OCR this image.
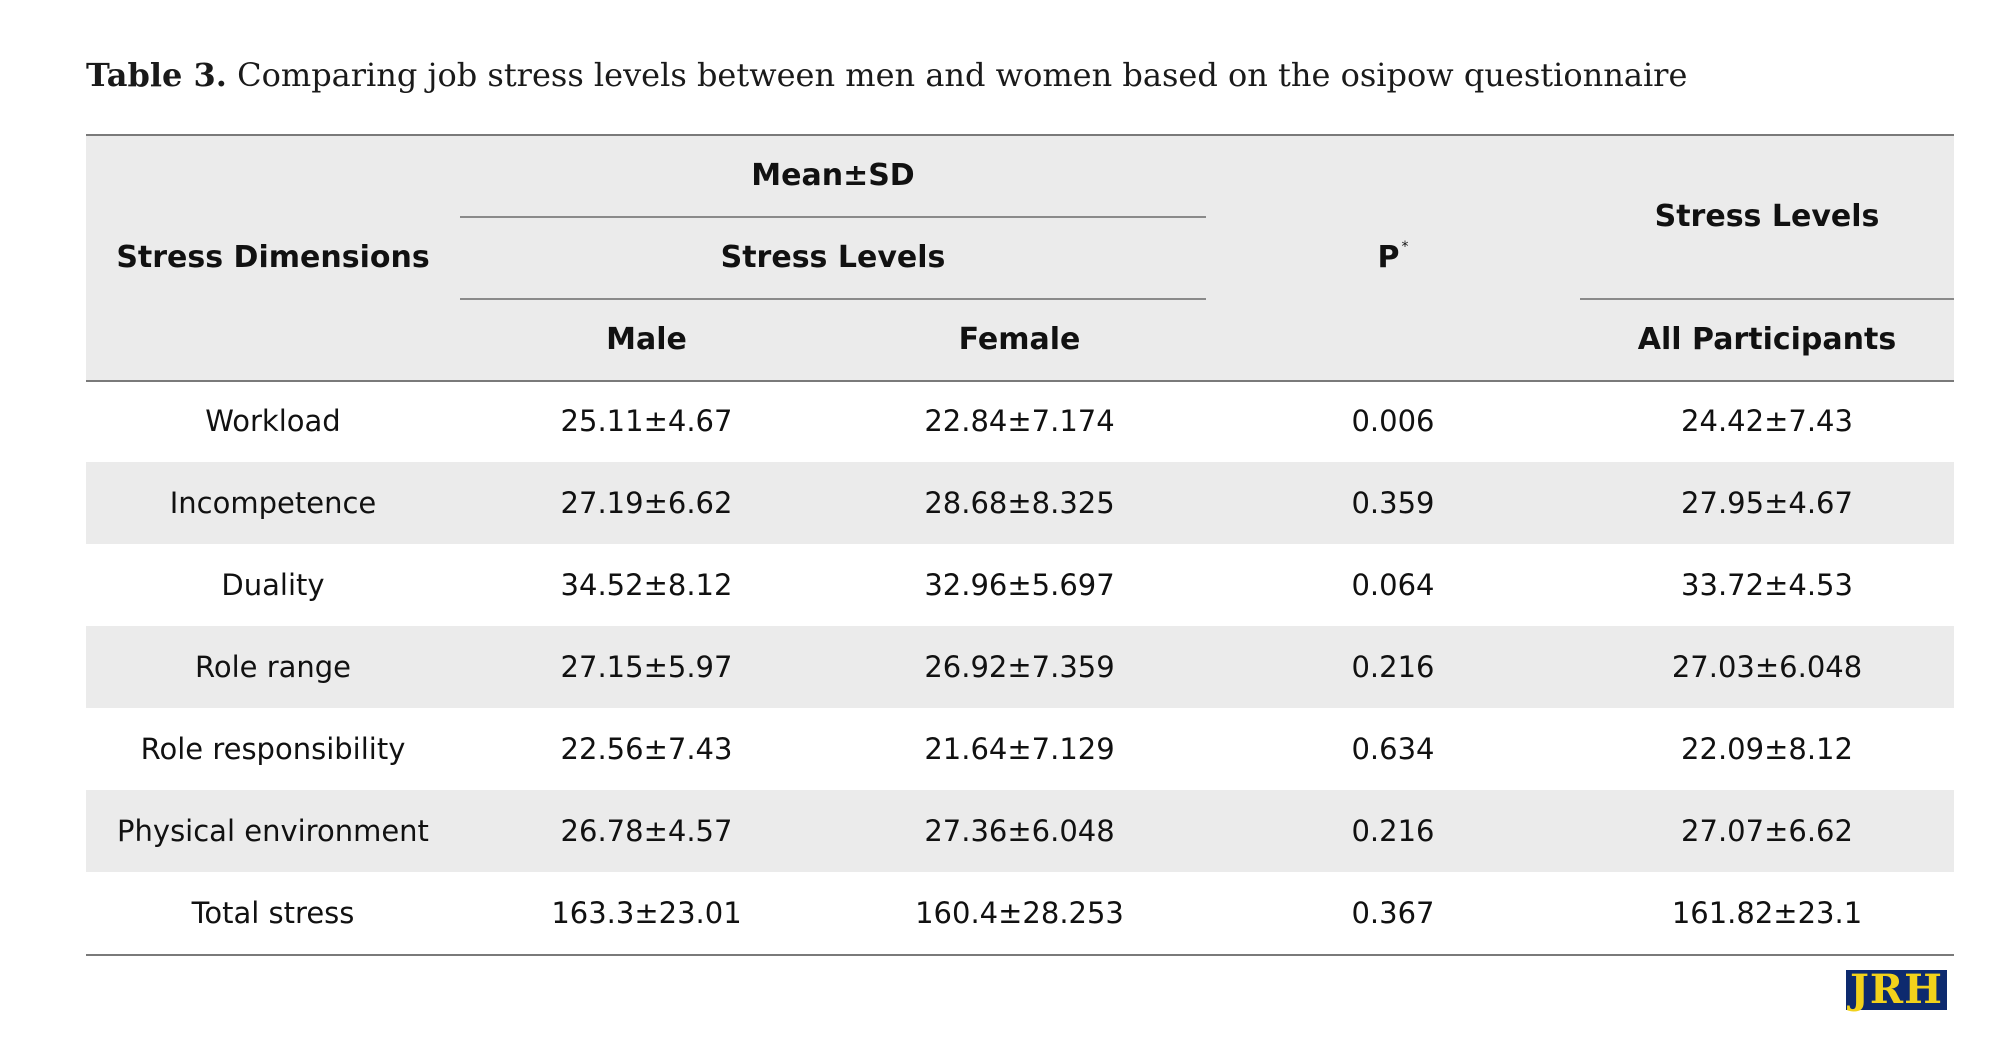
Table 3. Comparing job stress levels between men and women based on the osipow questionnaire
Stress Dimensions
Mean±SD
Stress Levels
Male	Female
P*
Stress Levels
All Participants
Workload	25.11±4.67	22.84±7.174	0.006	24.42±7.43
Incompetence	27.19±6.62	28.68±8.325	0.359	27.95±4.67
Duality	34.52±8.12	32.96±5.697	0.064	33.72±4.53
Role range	27.15±5.97	26.92±7.359	0.216	27.03±6.048
Role responsibility	22.56±7.43	21.64±7.129	0.634	22.09±8.12
Physical environment	26.78±4.57	27.36±6.048	0.216	27.07±6.62
Total stress	163.3±23.01	160.4±28.253	0.367	161.82±23.1
JRH
